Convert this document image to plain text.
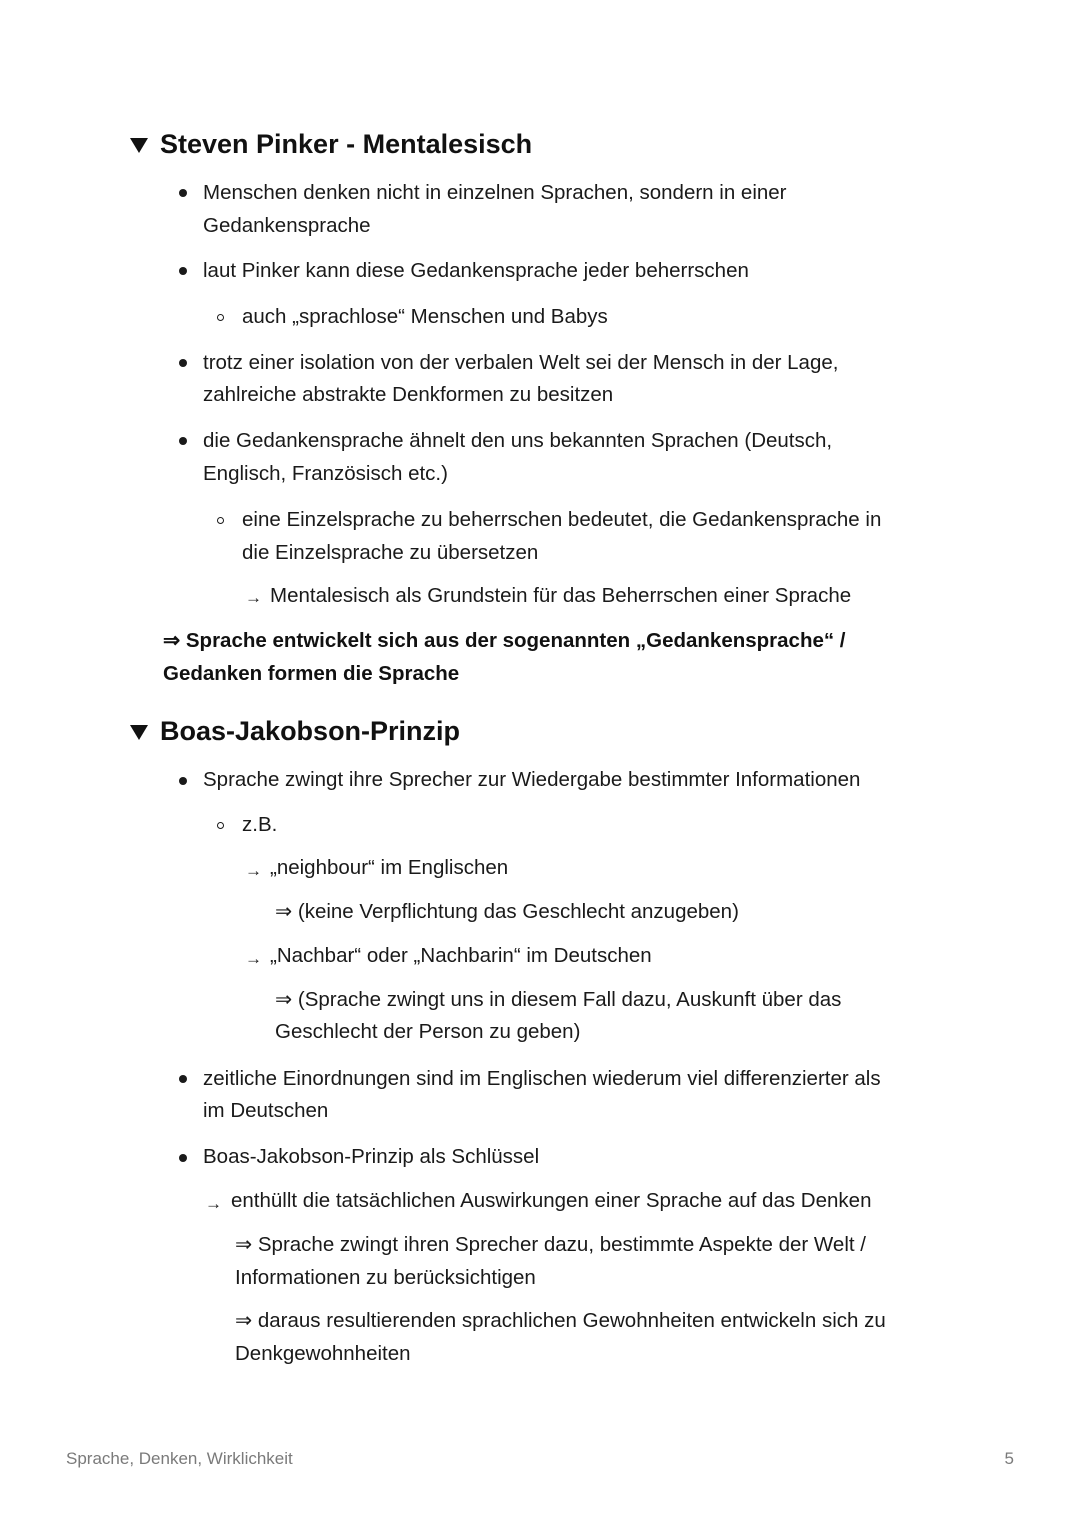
Steven Pinker - Mentalesisch
Menschen denken nicht in einzelnen Sprachen, sondern in einer
Gedankensprache
laut Pinker kann diese Gedankensprache jeder beherrschen
auch „sprachlose“ Menschen und Babys
trotz einer isolation von der verbalen Welt sei der Mensch in der Lage,
zahlreiche abstrakte Denkformen zu besitzen
die Gedankensprache ähnelt den uns bekannten Sprachen (Deutsch,
Englisch, Französisch etc.)
eine Einzelsprache zu beherrschen bedeutet, die Gedankensprache in
die Einzelsprache zu übersetzen
→ Mentalesisch als Grundstein für das Beherrschen einer Sprache
⇒ Sprache entwickelt sich aus der sogenannten „Gedankensprache“ /
Gedanken formen die Sprache
Boas-Jakobson-Prinzip
Sprache zwingt ihre Sprecher zur Wiedergabe bestimmter Informationen
z.B.
→ „neighbour“ im Englischen
⇒ (keine Verpflichtung das Geschlecht anzugeben)
→ „Nachbar“ oder „Nachbarin“ im Deutschen
⇒ (Sprache zwingt uns in diesem Fall dazu, Auskunft über das
Geschlecht der Person zu geben)
zeitliche Einordnungen sind im Englischen wiederum viel differenzierter als
im Deutschen
Boas-Jakobson-Prinzip als Schlüssel
→ enthüllt die tatsächlichen Auswirkungen einer Sprache auf das Denken
⇒ Sprache zwingt ihren Sprecher dazu, bestimmte Aspekte der Welt /
Informationen zu berücksichtigen
⇒ daraus resultierenden sprachlichen Gewohnheiten entwickeln sich zu
Denkgewohnheiten
Sprache, Denken, Wirklichkeit	5
